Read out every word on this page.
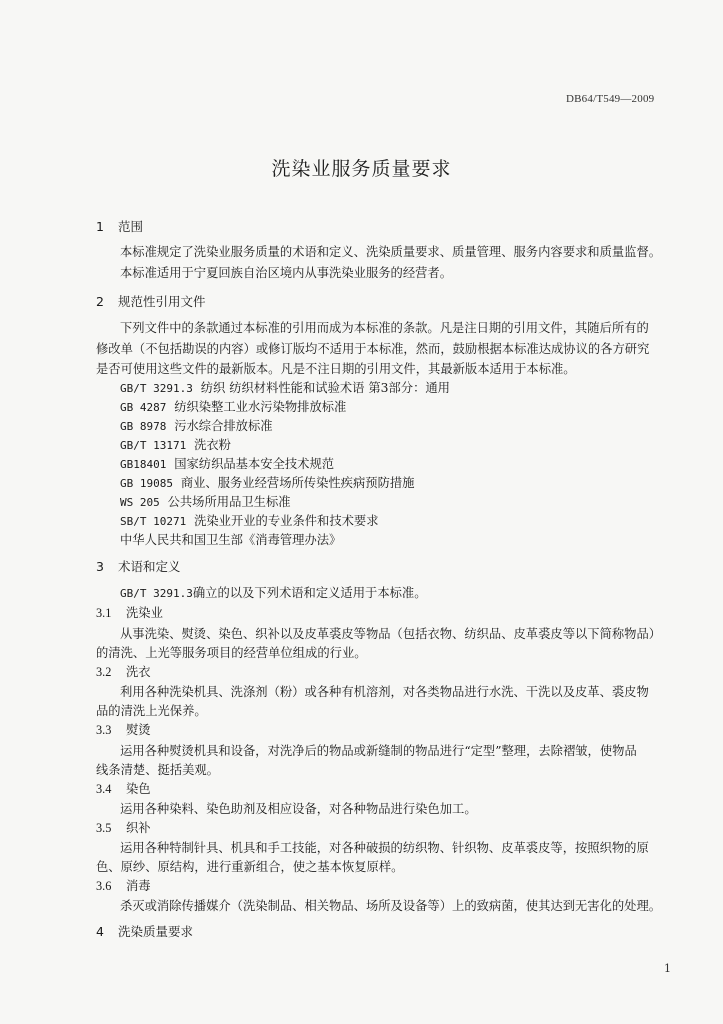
DB64/T549—2009
洗染业服务质量要求
1 范围
本标准规定了洗染业服务质量的术语和定义、洗染质量要求、质量管理、服务内容要求和质量监督。
本标准适用于宁夏回族自治区境内从事洗染业服务的经营者。
2 规范性引用文件
下列文件中的条款通过本标准的引用而成为本标准的条款。凡是注日期的引用文件，其随后所有的
修改单（不包括勘误的内容）或修订版均不适用于本标准，然而，鼓励根据本标准达成协议的各方研究
是否可使用这些文件的最新版本。凡是不注日期的引用文件，其最新版本适用于本标准。
GB/T 3291.3 纺织 纺织材料性能和试验术语 第3部分：通用
GB 4287 纺织染整工业水污染物排放标准
GB 8978 污水综合排放标准
GB/T 13171 洗衣粉
GB18401 国家纺织品基本安全技术规范
GB 19085 商业、服务业经营场所传染性疾病预防措施
WS 205 公共场所用品卫生标准
SB/T 10271 洗染业开业的专业条件和技术要求
中华人民共和国卫生部《消毒管理办法》
3 术语和定义
GB/T 3291.3确立的以及下列术语和定义适用于本标准。
3.1 洗染业
从事洗染、熨烫、染色、织补以及皮革裘皮等物品（包括衣物、纺织品、皮革裘皮等以下简称物品）
的清洗、上光等服务项目的经营单位组成的行业。
3.2 洗衣
利用各种洗染机具、洗涤剂（粉）或各种有机溶剂，对各类物品进行水洗、干洗以及皮革、裘皮物
品的清洗上光保养。
3.3 熨烫
运用各种熨烫机具和设备，对洗净后的物品或新缝制的物品进行“定型”整理，去除褶皱，使物品
线条清楚、挺括美观。
3.4 染色
运用各种染料、染色助剂及相应设备，对各种物品进行染色加工。
3.5 织补
运用各种特制针具、机具和手工技能，对各种破损的纺织物、针织物、皮革裘皮等，按照织物的原
色、原纱、原结构，进行重新组合，使之基本恢复原样。
3.6 消毒
杀灭或消除传播媒介（洗染制品、相关物品、场所及设备等）上的致病菌，使其达到无害化的处理。
4 洗染质量要求
1
